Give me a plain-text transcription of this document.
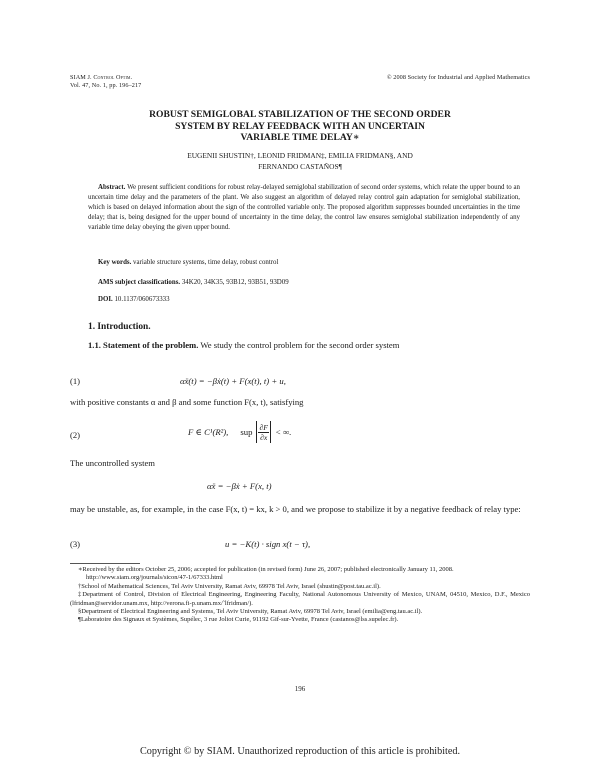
SIAM J. Control Optim.
Vol. 47, No. 1, pp. 196–217
© 2008 Society for Industrial and Applied Mathematics
ROBUST SEMIGLOBAL STABILIZATION OF THE SECOND ORDER
SYSTEM BY RELAY FEEDBACK WITH AN UNCERTAIN
VARIABLE TIME DELAY∗
EUGENII SHUSTIN†, LEONID FRIDMAN‡, EMILIA FRIDMAN§, AND
FERNANDO CASTAÑOS¶
Abstract. We present sufficient conditions for robust relay-delayed semiglobal stabilization of second order systems, which relate the upper bound to an uncertain time delay and the parameters of the plant. We also suggest an algorithm of delayed relay control gain adaptation for semiglobal stabilization, which is based on delayed information about the sign of the controlled variable only. The proposed algorithm suppresses bounded uncertainties in the time delay; that is, being designed for the upper bound of uncertainty in the time delay, the control law ensures semiglobal stabilization independently of any variable time delay obeying the given upper bound.
Key words. variable structure systems, time delay, robust control
AMS subject classifications. 34K20, 34K35, 93B12, 93B51, 93D09
DOI. 10.1137/060673333
1. Introduction.
1.1. Statement of the problem. We study the control problem for the second order system
(1)	αẍ(t) = −βẋ(t) + F(x(t), t) + u,
with positive constants α and β and some function F(x, t), satisfying
(2)	F ∈ C¹(R²), sup $\frac{\partial F}{\partial x}$ < ∞.
The uncontrolled system
αẍ = −βẋ + F(x, t)
may be unstable, as, for example, in the case F(x, t) = kx, k > 0, and we propose to stabilize it by a negative feedback of relay type:
(3)	u = −K(t) · sign x(t − τ),
∗Received by the editors October 25, 2006; accepted for publication (in revised form) June 26, 2007; published electronically January 11, 2008.
http://www.siam.org/journals/sicon/47-1/67333.html
†School of Mathematical Sciences, Tel Aviv University, Ramat Aviv, 69978 Tel Aviv, Israel (shustin@post.tau.ac.il).
‡Department of Control, Division of Electrical Engineering, Engineering Faculty, National Autonomous University of Mexico, UNAM, 04510, Mexico, D.F., Mexico (lfridman@servidor.unam.mx, http://verona.fi-p.unam.mx/˜lfridman/).
§Department of Electrical Engineering and Systems, Tel Aviv University, Ramat Aviv, 69978 Tel Aviv, Israel (emilia@eng.tau.ac.il).
¶Laboratoire des Signaux et Systèmes, Supélec, 3 rue Joliot Curie, 91192 Gif-sur-Yvette, France (castanos@lss.supelec.fr).
196
Copyright © by SIAM. Unauthorized reproduction of this article is prohibited.
